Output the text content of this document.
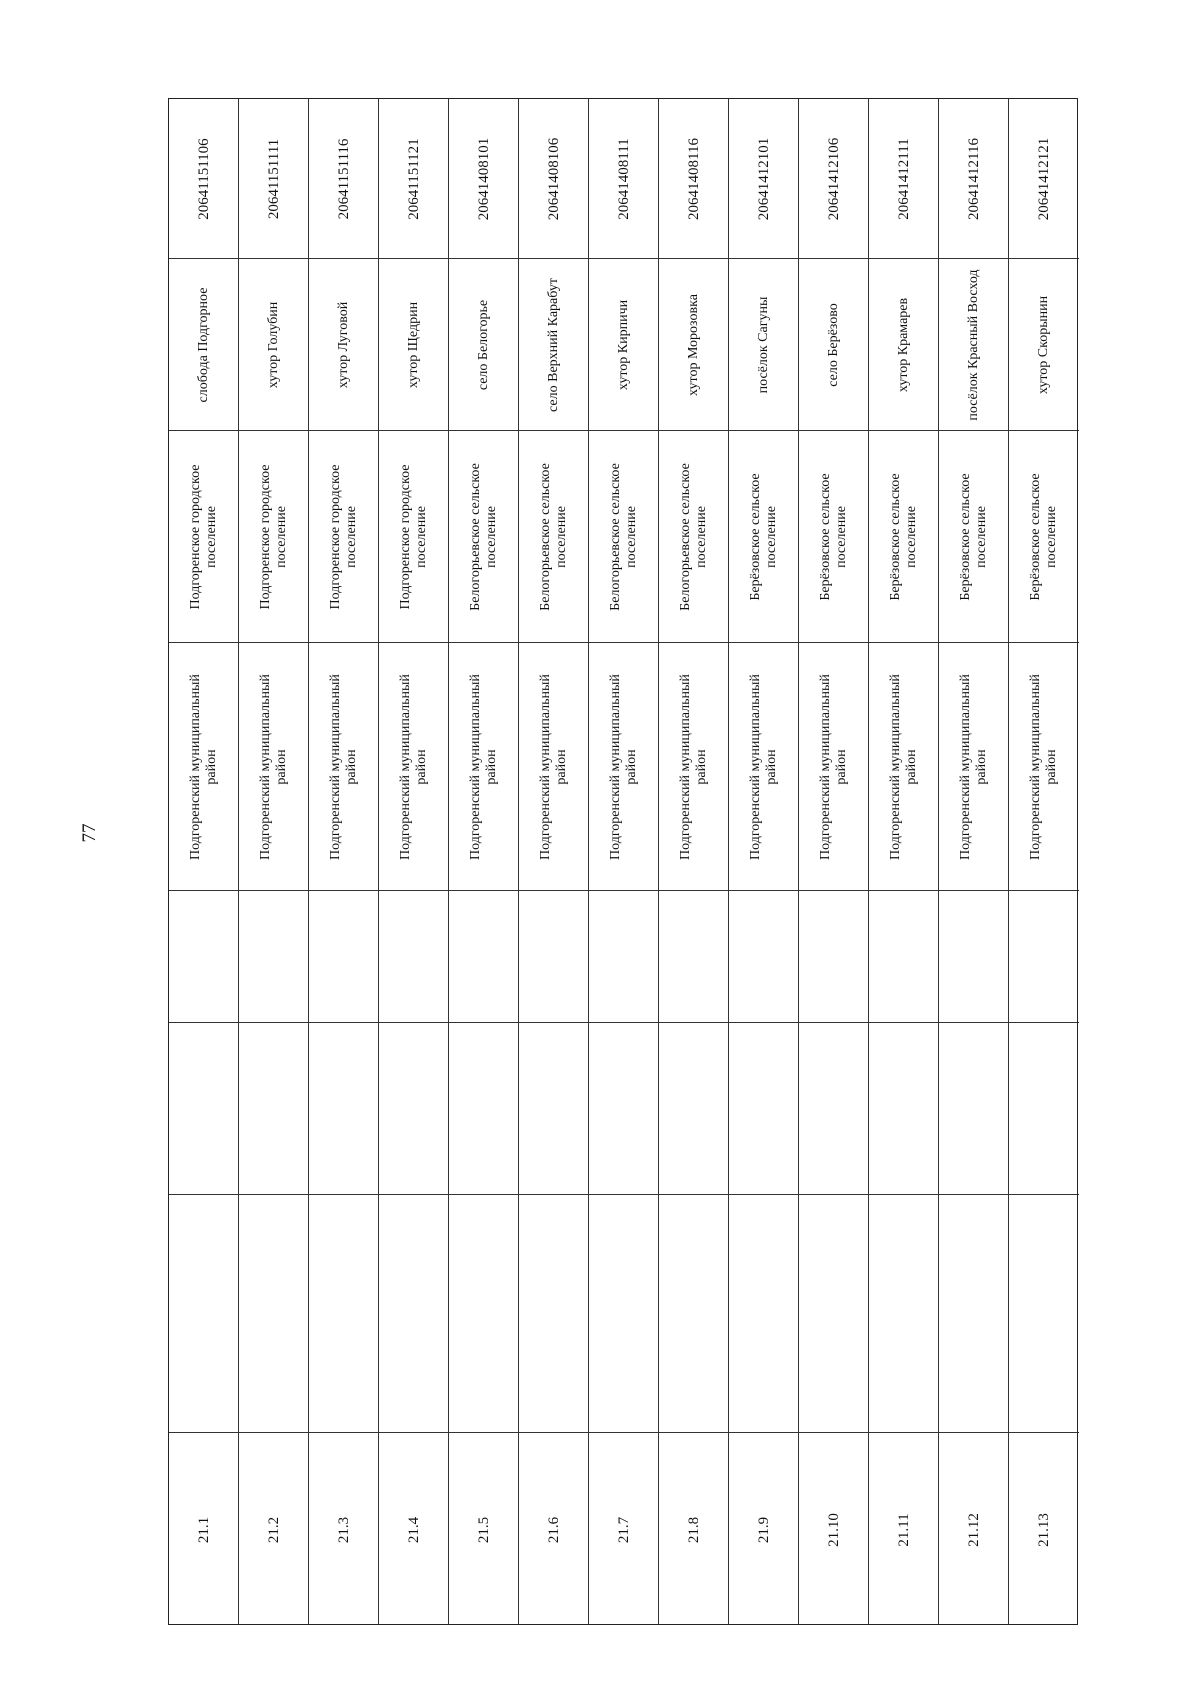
77
20641151106
слобода Подгорное
Подгоренское городское поселение
Подгоренский муниципальный район
21.1
20641151111
хутор Голубин
Подгоренское городское поселение
Подгоренский муниципальный район
21.2
20641151116
хутор Луговой
Подгоренское городское поселение
Подгоренский муниципальный район
21.3
20641151121
хутор Щедрин
Подгоренское городское поселение
Подгоренский муниципальный район
21.4
20641408101
село Белогорье
Белогорьевское сельское поселение
Подгоренский муниципальный район
21.5
20641408106
село Верхний Карабут
Белогорьевское сельское поселение
Подгоренский муниципальный район
21.6
20641408111
хутор Кирпичи
Белогорьевское сельское поселение
Подгоренский муниципальный район
21.7
20641408116
хутор Морозовка
Белогорьевское сельское поселение
Подгоренский муниципальный район
21.8
20641412101
посёлок Сагуны
Берёзовское сельское поселение
Подгоренский муниципальный район
21.9
20641412106
село Берёзово
Берёзовское сельское поселение
Подгоренский муниципальный район
21.10
20641412111
хутор Крамарев
Берёзовское сельское поселение
Подгоренский муниципальный район
21.11
20641412116
посёлок Красный Восход
Берёзовское сельское поселение
Подгоренский муниципальный район
21.12
20641412121
хутор Скорынин
Берёзовское сельское поселение
Подгоренский муниципальный район
21.13
